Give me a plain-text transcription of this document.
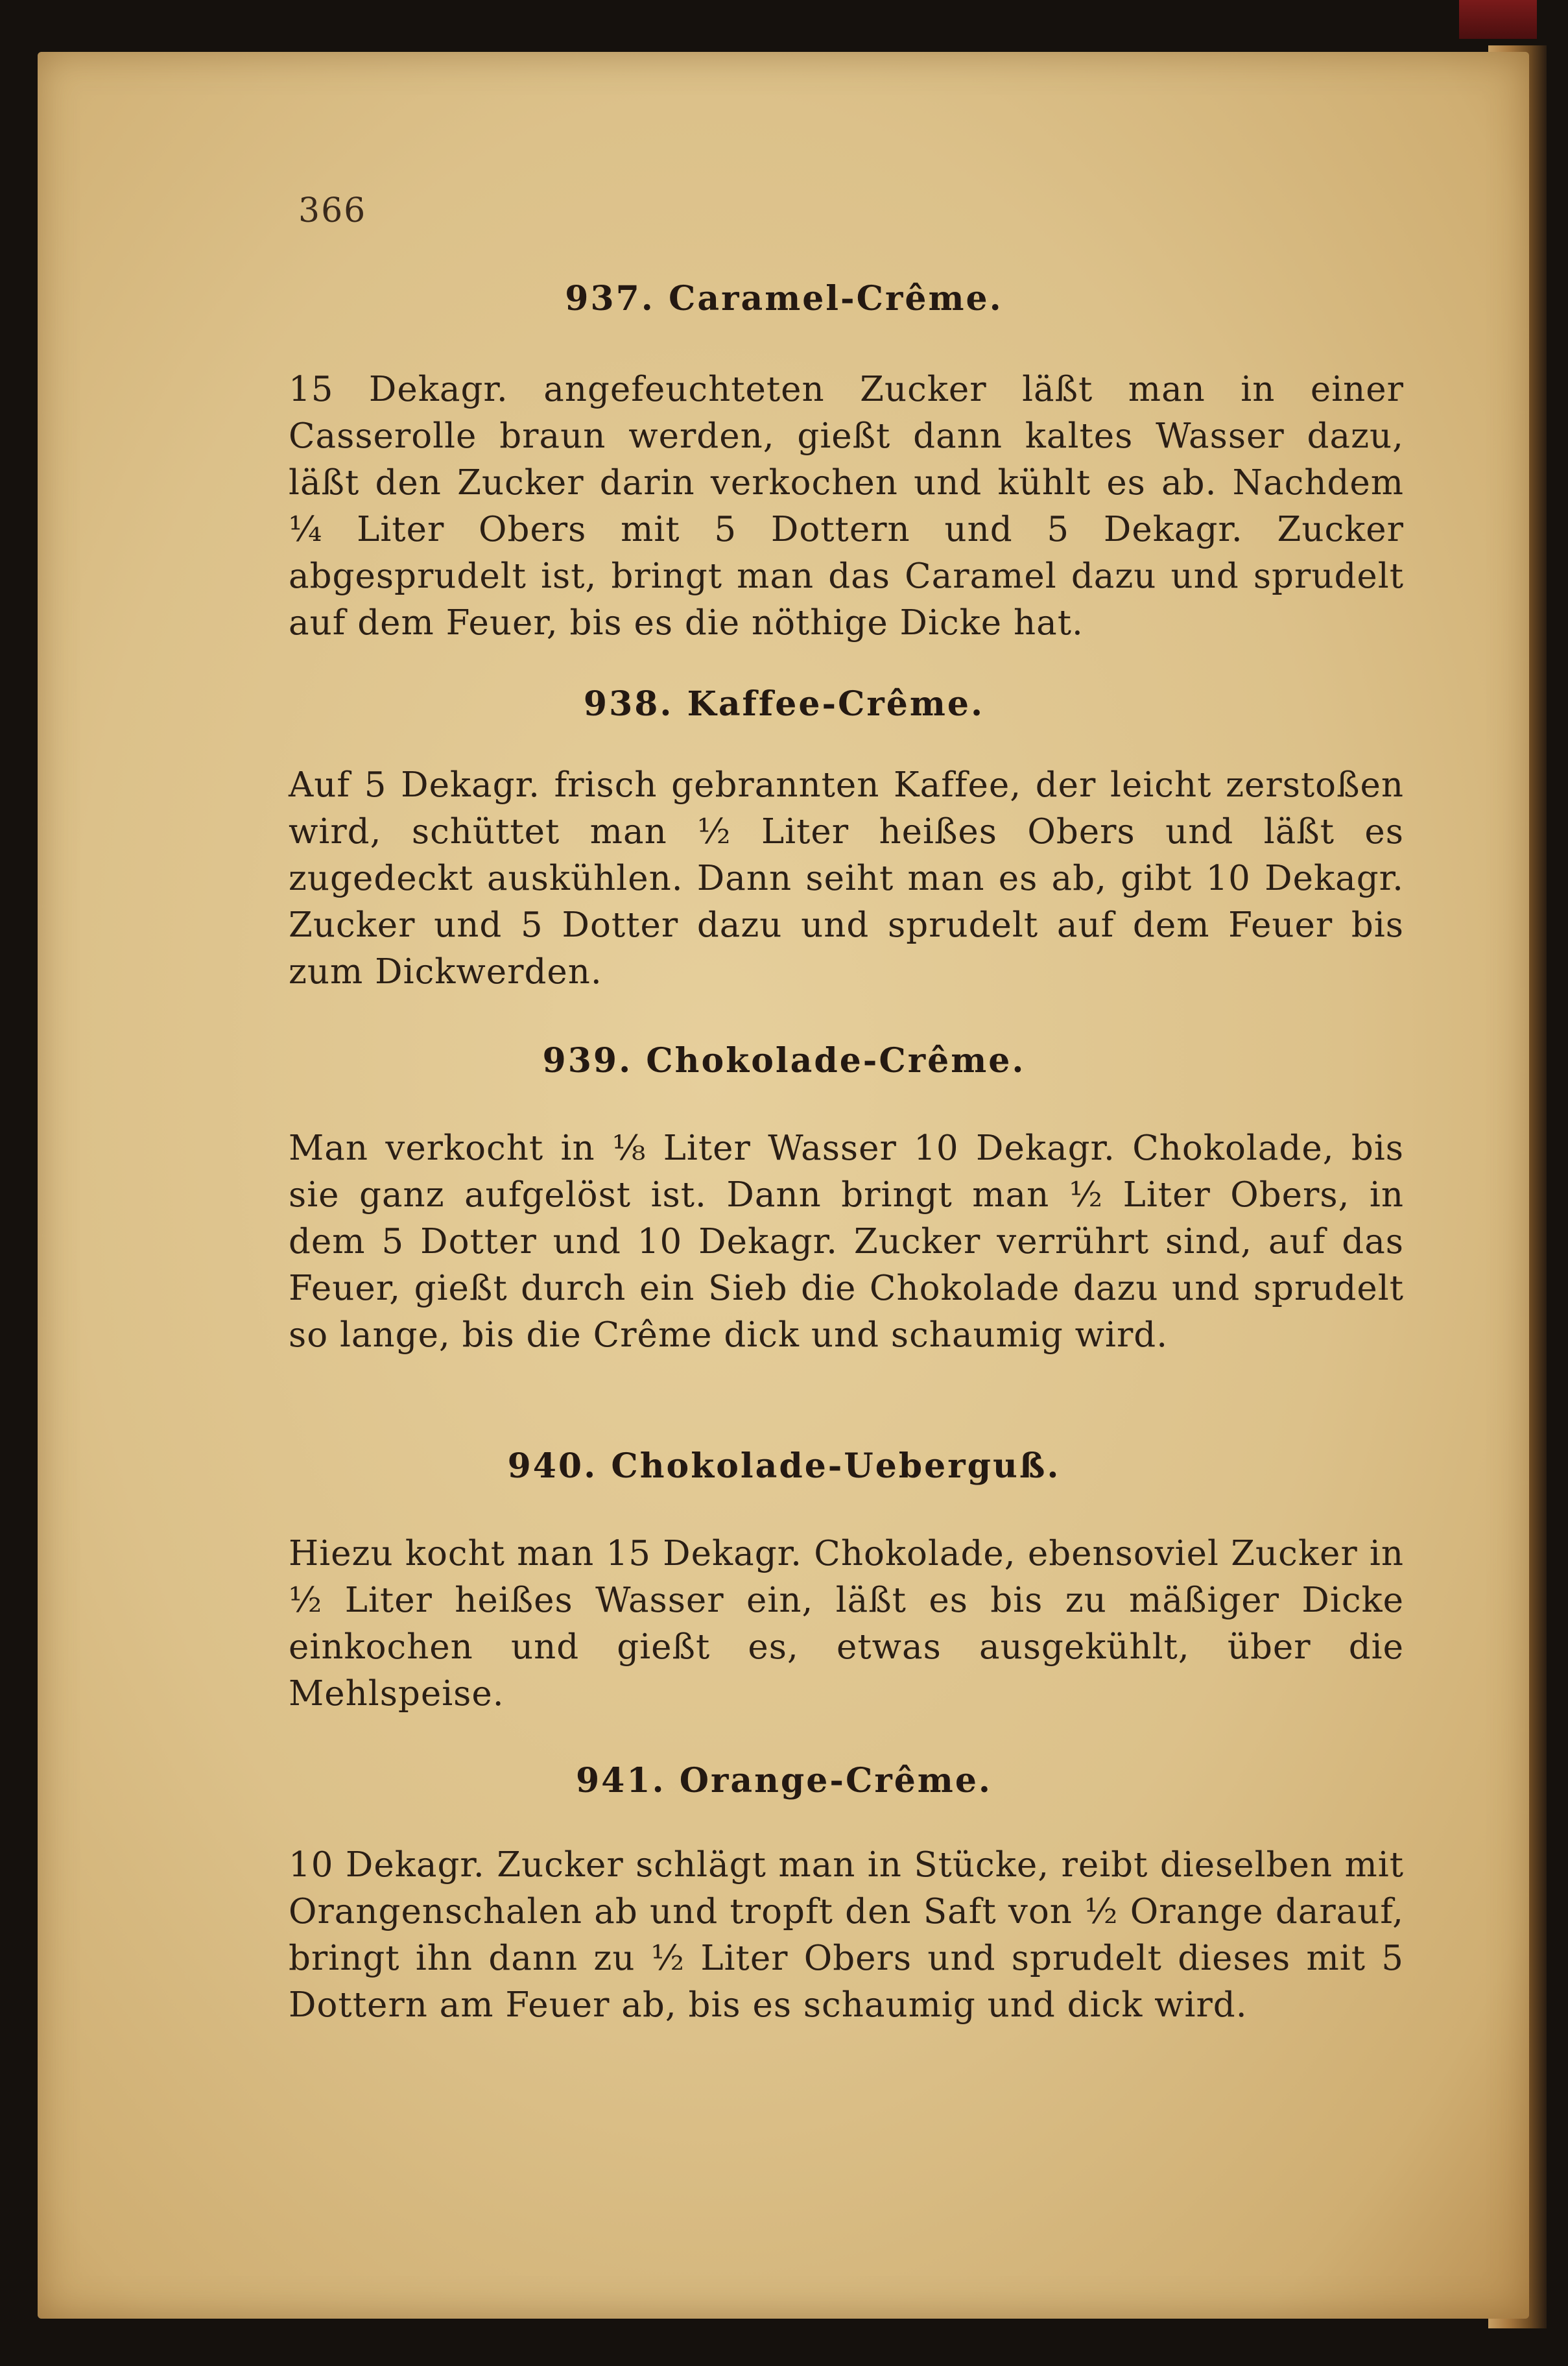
366
937. Caramel-Crême.

15 Dekagr. angefeuchteten Zucker läßt man in einer Casserolle braun werden, gießt dann kaltes Wasser dazu, läßt den Zucker darin verkochen und kühlt es ab. Nachdem ¼ Liter Obers mit 5 Dottern und 5 Dekagr. Zucker abgesprudelt ist, bringt man das Caramel dazu und sprudelt auf dem Feuer, bis es die nöthige Dicke hat.

938. Kaffee-Crême.

Auf 5 Dekagr. frisch gebrannten Kaffee, der leicht zerstoßen wird, schüttet man ½ Liter heißes Obers und läßt es zugedeckt auskühlen. Dann seiht man es ab, gibt 10 Dekagr. Zucker und 5 Dotter dazu und sprudelt auf dem Feuer bis zum Dickwerden.

939. Chokolade-Crême.

Man verkocht in ⅛ Liter Wasser 10 Dekagr. Chokolade, bis sie ganz aufgelöst ist. Dann bringt man ½ Liter Obers, in dem 5 Dotter und 10 Dekagr. Zucker verrührt sind, auf das Feuer, gießt durch ein Sieb die Chokolade dazu und sprudelt so lange, bis die Crême dick und schaumig wird.

940. Chokolade-Ueberguß.

Hiezu kocht man 15 Dekagr. Chokolade, ebensoviel Zucker in ½ Liter heißes Wasser ein, läßt es bis zu mäßiger Dicke einkochen und gießt es, etwas ausgekühlt, über die Mehlspeise.

941. Orange-Crême.

10 Dekagr. Zucker schlägt man in Stücke, reibt dieselben mit Orangenschalen ab und tropft den Saft von ½ Orange darauf, bringt ihn dann zu ½ Liter Obers und sprudelt dieses mit 5 Dottern am Feuer ab, bis es schaumig und dick wird.
